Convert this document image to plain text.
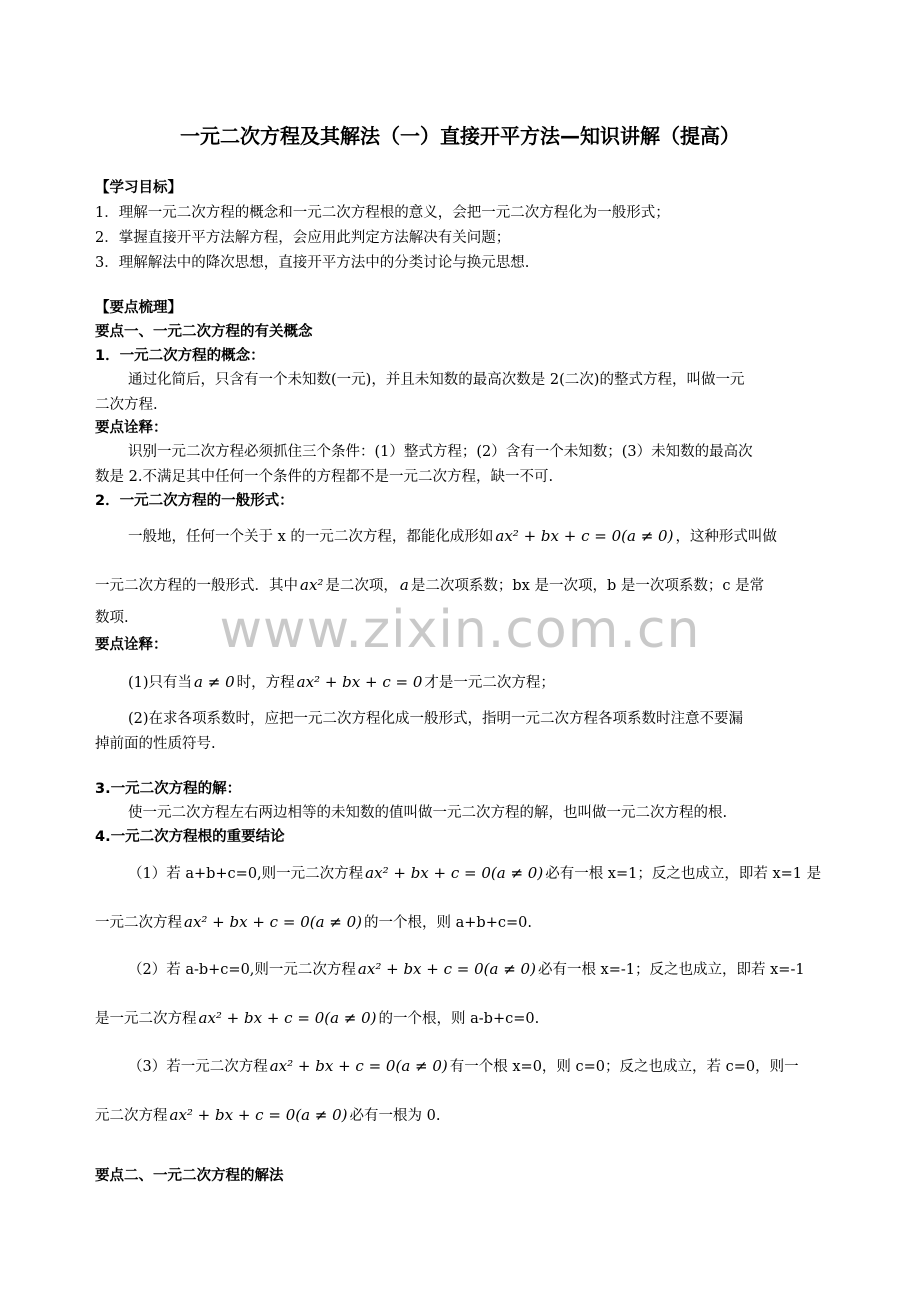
www.zixin.com.cn
一元二次方程及其解法（一）直接开平方法—知识讲解（提高）
【学习目标】
1．理解一元二次方程的概念和一元二次方程根的意义，会把一元二次方程化为一般形式；
2．掌握直接开平方法解方程，会应用此判定方法解决有关问题；
3．理解解法中的降次思想，直接开平方法中的分类讨论与换元思想.
【要点梳理】
要点一、一元二次方程的有关概念
1．一元二次方程的概念：
通过化简后，只含有一个未知数(一元)，并且未知数的最高次数是 2(二次)的整式方程，叫做一元
二次方程.
要点诠释：
识别一元二次方程必须抓住三个条件：(1）整式方程；(2）含有一个未知数；(3）未知数的最高次
数是 2.不满足其中任何一个条件的方程都不是一元二次方程，缺一不可.
2．一元二次方程的一般形式：
一般地，任何一个关于 x 的一元二次方程，都能化成形如 ax² + bx + c = 0(a ≠ 0) ，这种形式叫做
一元二次方程的一般形式．其中 ax² 是二次项， a 是二次项系数；bx 是一次项，b 是一次项系数；c 是常
数项.
要点诠释：
(1)只有当 a ≠ 0 时，方程 ax² + bx + c = 0 才是一元二次方程；
(2)在求各项系数时，应把一元二次方程化成一般形式，指明一元二次方程各项系数时注意不要漏
掉前面的性质符号.
3.一元二次方程的解：
使一元二次方程左右两边相等的未知数的值叫做一元二次方程的解，也叫做一元二次方程的根.
4.一元二次方程根的重要结论
（1）若 a+b+c=0,则一元二次方程 ax² + bx + c = 0(a ≠ 0) 必有一根 x=1；反之也成立，即若 x=1 是
一元二次方程 ax² + bx + c = 0(a ≠ 0) 的一个根，则 a+b+c=0.
（2）若 a-b+c=0,则一元二次方程 ax² + bx + c = 0(a ≠ 0) 必有一根 x=-1；反之也成立，即若 x=-1
是一元二次方程 ax² + bx + c = 0(a ≠ 0) 的一个根，则 a-b+c=0.
（3）若一元二次方程 ax² + bx + c = 0(a ≠ 0) 有一个根 x=0，则 c=0；反之也成立，若 c=0，则一
元二次方程 ax² + bx + c = 0(a ≠ 0) 必有一根为 0.
要点二、一元二次方程的解法
